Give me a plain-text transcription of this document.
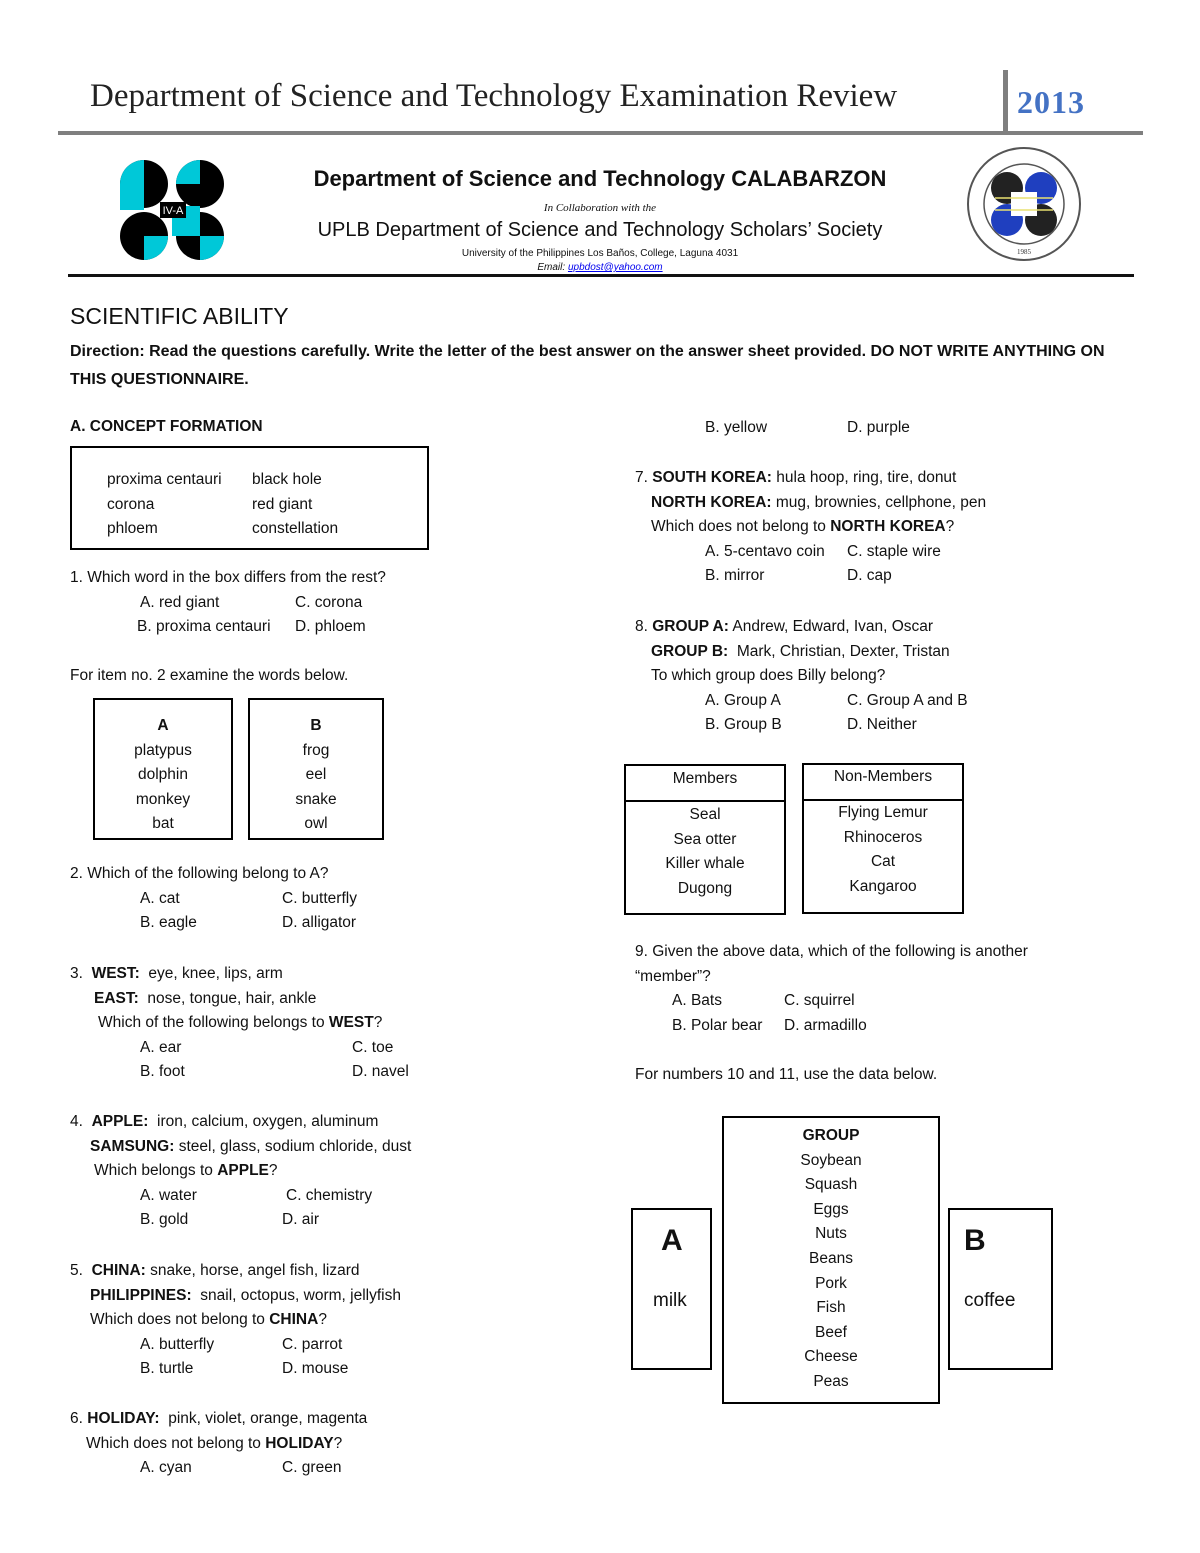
Department of Science and Technology Examination Review	2013
IV-A
Department of Science and Technology CALABARZON
In Collaboration with the
UPLB Department of Science and Technology Scholars’ Society
University of the Philippines Los Baños, College, Laguna 4031
Email: upbdost@yahoo.com
1985
SCIENTIFIC ABILITY
Direction: Read the questions carefully. Write the letter of the best answer on the answer sheet provided. DO NOT WRITE ANYTHING ON THIS QUESTIONNAIRE.
A. CONCEPT FORMATION
proxima centauri
corona
phloem
black hole
red giant
constellation
1. Which word in the box differs from the rest?
A. red giant	C. corona
B. proxima centauri D. phloem
For item no. 2 examine the words below.
A
platypus
dolphin
monkey
bat
B
frog
eel
snake
owl
2. Which of the following belong to A?
A. cat	C. butterfly
B. eagle	D. alligator
3. WEST: eye, knee, lips, arm
EAST: nose, tongue, hair, ankle
Which of the following belongs to WEST?
A. ear	C. toe
B. foot	D. navel
4. APPLE: iron, calcium, oxygen, aluminum
SAMSUNG: steel, glass, sodium chloride, dust
Which belongs to APPLE?
A. water	C. chemistry
B. gold	D. air
5. CHINA: snake, horse, angel fish, lizard
PHILIPPINES: snail, octopus, worm, jellyfish
Which does not belong to CHINA?
A. butterfly	C. parrot
B. turtle	D. mouse
6. HOLIDAY: pink, violet, orange, magenta
Which does not belong to HOLIDAY?
A. cyan	C. green
B. yellow	D. purple
7. SOUTH KOREA: hula hoop, ring, tire, donut
NORTH KOREA: mug, brownies, cellphone, pen
Which does not belong to NORTH KOREA?
A. 5-centavo coin C. staple wire
B. mirror	D. cap
8. GROUP A: Andrew, Edward, Ivan, Oscar
GROUP B: Mark, Christian, Dexter, Tristan
To which group does Billy belong?
A. Group A	C. Group A and B
B. Group B	D. Neither
Members
Seal
Sea otter
Killer whale
Dugong
Non-Members
Flying Lemur
Rhinoceros
Cat
Kangaroo
9. Given the above data, which of the following is another
“member”?
A. Bats	C. squirrel
B. Polar bear D. armadillo
For numbers 10 and 11, use the data below.
GROUP
Soybean
Squash
Eggs
Nuts
Beans
Pork
Fish
Beef
Cheese
Peas
A
milk
B
coffee
